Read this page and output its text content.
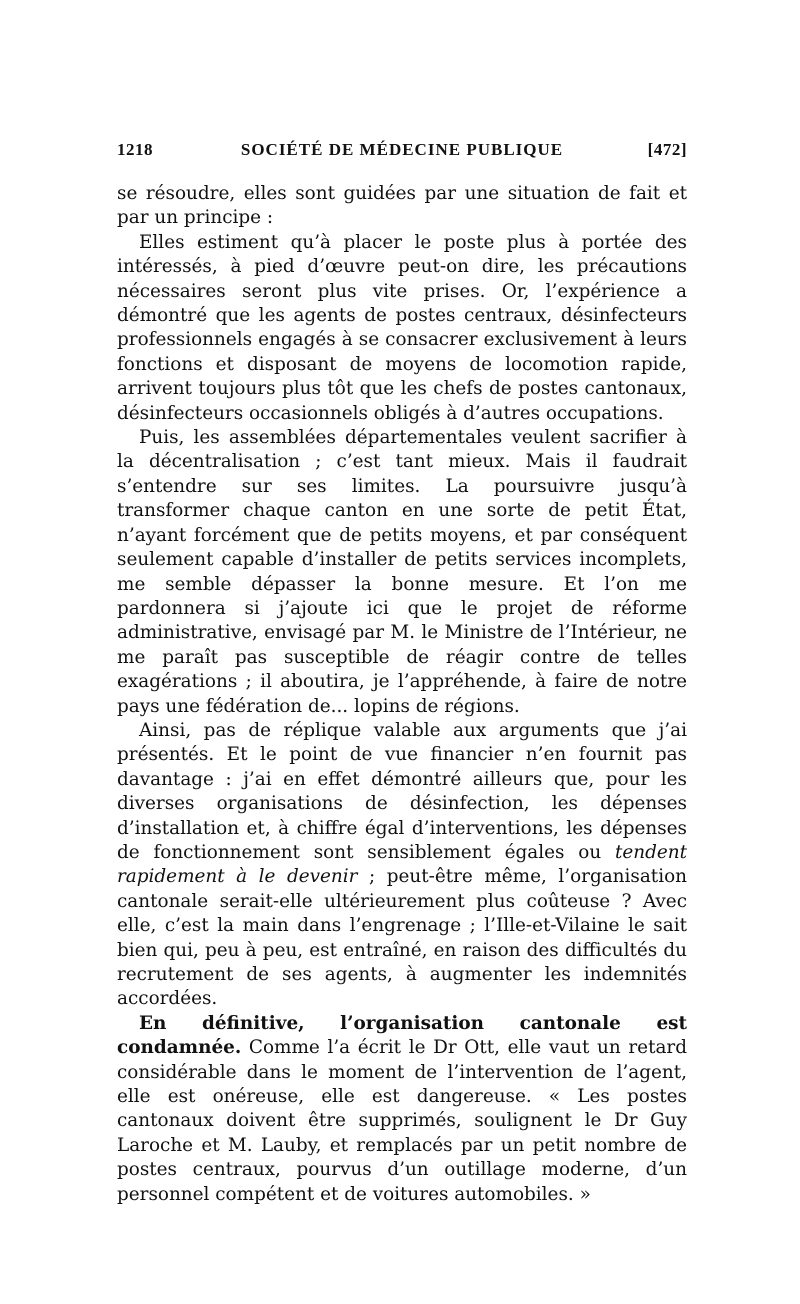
1218	SOCIÉTÉ DE MÉDECINE PUBLIQUE	[472]

se résoudre, elles sont guidées par une situation de fait et par un principe :

Elles estiment qu’à placer le poste plus à portée des intéressés, à pied d’œuvre peut-on dire, les précautions nécessaires seront plus vite prises. Or, l’expérience a démontré que les agents de postes centraux, désinfecteurs professionnels engagés à se consacrer exclusivement à leurs fonctions et disposant de moyens de locomotion rapide, arrivent toujours plus tôt que les chefs de postes cantonaux, désinfecteurs occasionnels obligés à d’autres occupations.

Puis, les assemblées départementales veulent sacrifier à la décentralisation ; c’est tant mieux. Mais il faudrait s’entendre sur ses limites. La poursuivre jusqu’à transformer chaque canton en une sorte de petit État, n’ayant forcément que de petits moyens, et par conséquent seulement capable d’installer de petits services incomplets, me semble dépasser la bonne mesure. Et l’on me pardonnera si j’ajoute ici que le projet de réforme administrative, envisagé par M. le Ministre de l’Intérieur, ne me paraît pas susceptible de réagir contre de telles exagérations ; il aboutira, je l’appréhende, à faire de notre pays une fédération de... lopins de régions.

Ainsi, pas de réplique valable aux arguments que j’ai présentés. Et le point de vue financier n’en fournit pas davantage : j’ai en effet démontré ailleurs que, pour les diverses organisations de désinfection, les dépenses d’installation et, à chiffre égal d’interventions, les dépenses de fonctionnement sont sensiblement égales ou tendent rapidement à le devenir ; peut-être même, l’organisation cantonale serait-elle ultérieurement plus coûteuse ? Avec elle, c’est la main dans l’engrenage ; l’Ille-et-Vilaine le sait bien qui, peu à peu, est entraîné, en raison des difficultés du recrutement de ses agents, à augmenter les indemnités accordées.

En définitive, l’organisation cantonale est condamnée. Comme l’a écrit le Dr Ott, elle vaut un retard considérable dans le moment de l’intervention de l’agent, elle est onéreuse, elle est dangereuse. « Les postes cantonaux doivent être supprimés, soulignent le Dr Guy Laroche et M. Lauby, et remplacés par un petit nombre de postes centraux, pourvus d’un outillage moderne, d’un personnel compétent et de voitures automobiles. »
